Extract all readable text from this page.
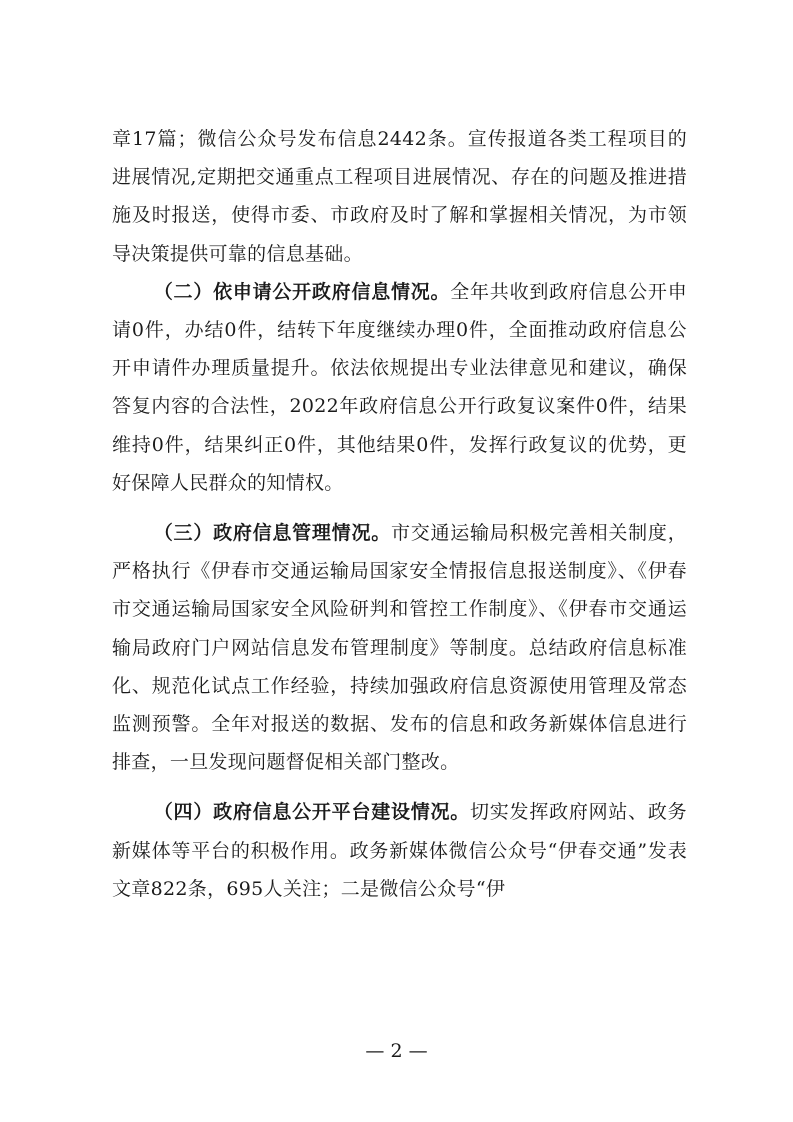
章17篇；微信公众号发布信息2442条。宣传报道各类工程项目的进展情况,定期把交通重点工程项目进展情况、存在的问题及推进措施及时报送，使得市委、市政府及时了解和掌握相关情况，为市领导决策提供可靠的信息基础。

（二）依申请公开政府信息情况。全年共收到政府信息公开申请0件，办结0件，结转下年度继续办理0件，全面推动政府信息公开申请件办理质量提升。依法依规提出专业法律意见和建议，确保答复内容的合法性，2022年政府信息公开行政复议案件0件，结果维持0件，结果纠正0件，其他结果0件，发挥行政复议的优势，更好保障人民群众的知情权。

（三）政府信息管理情况。市交通运输局积极完善相关制度，严格执行《伊春市交通运输局国家安全情报信息报送制度》、《伊春市交通运输局国家安全风险研判和管控工作制度》、《伊春市交通运输局政府门户网站信息发布管理制度》等制度。总结政府信息标准化、规范化试点工作经验，持续加强政府信息资源使用管理及常态监测预警。全年对报送的数据、发布的信息和政务新媒体信息进行排查，一旦发现问题督促相关部门整改。

（四）政府信息公开平台建设情况。切实发挥政府网站、政务新媒体等平台的积极作用。政务新媒体微信公众号“伊春交通”发表文章822条，695人关注；二是微信公众号“伊

— 2 —
